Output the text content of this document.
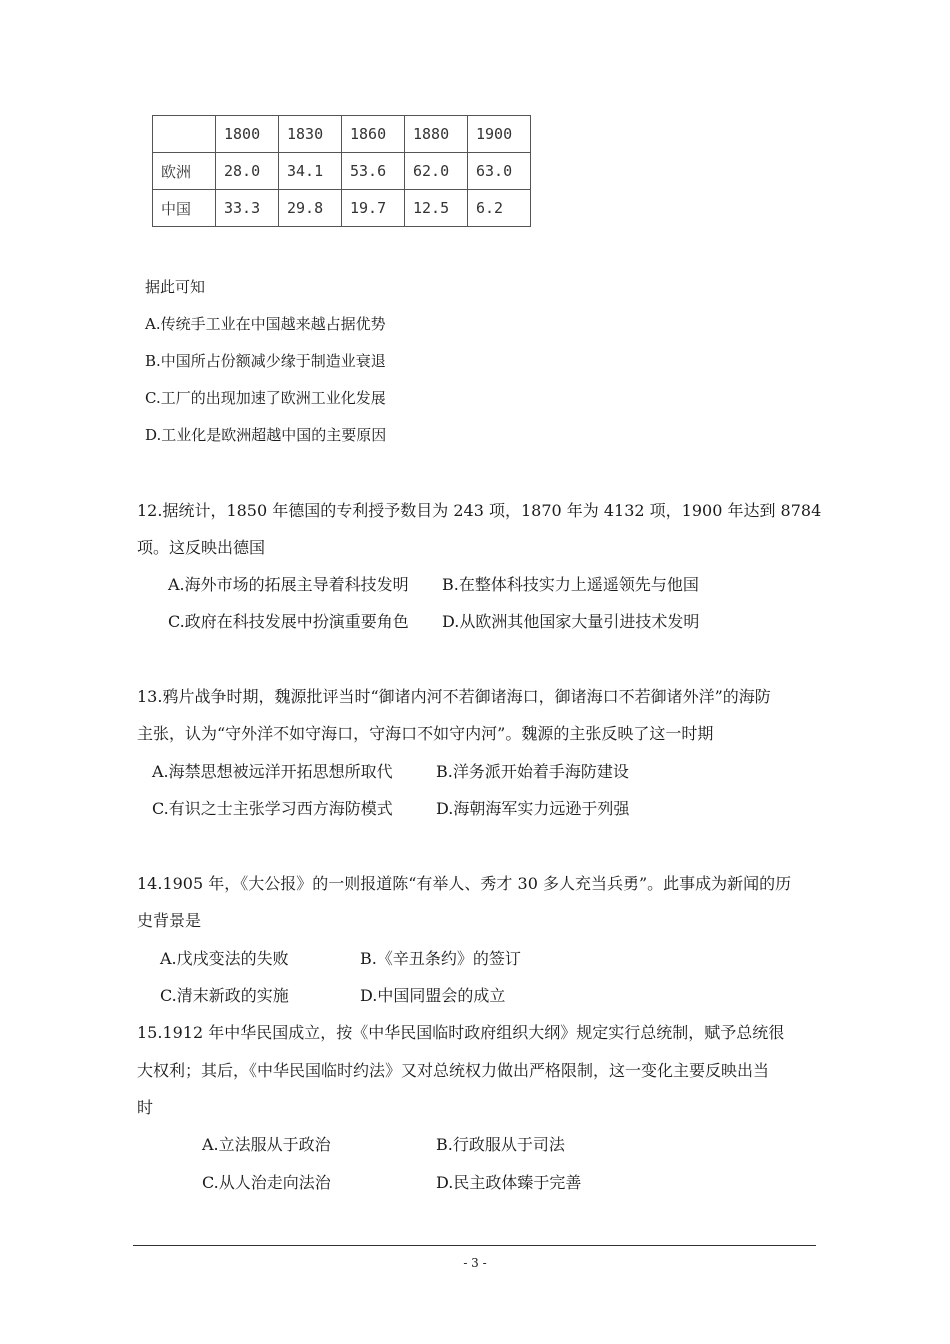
	1800	1830	1860	1880	1900
欧洲	28.0	34.1	53.6	62.0	63.0
中国	33.3	29.8	19.7	12.5	6.2
据此可知
A.传统手工业在中国越来越占据优势
B.中国所占份额减少缘于制造业衰退
C.工厂的出现加速了欧洲工业化发展
D.工业化是欧洲超越中国的主要原因
12.据统计，1850 年德国的专利授予数目为 243 项，1870 年为 4132 项，1900 年达到 8784
项。这反映出德国
A.海外市场的拓展主导着科技发明 B.在整体科技实力上遥遥领先与他国
C.政府在科技发展中扮演重要角色 D.从欧洲其他国家大量引进技术发明
13.鸦片战争时期，魏源批评当时“御诸内河不若御诸海口，御诸海口不若御诸外洋”的海防
主张，认为“守外洋不如守海口，守海口不如守内河”。魏源的主张反映了这一时期
A.海禁思想被远洋开拓思想所取代	B.洋务派开始着手海防建设
C.有识之士主张学习西方海防模式	D.海朝海军实力远逊于列强
14.1905 年，《大公报》的一则报道陈“有举人、秀才 30 多人充当兵勇”。此事成为新闻的历
史背景是
A.戊戌变法的失败	B.《辛丑条约》的签订
C.清末新政的实施	D.中国同盟会的成立
15.1912 年中华民国成立，按《中华民国临时政府组织大纲》规定实行总统制，赋予总统很
大权利；其后，《中华民国临时约法》又对总统权力做出严格限制，这一变化主要反映出当
时
A.立法服从于政治	B.行政服从于司法
C.从人治走向法治	D.民主政体臻于完善
- 3 -
